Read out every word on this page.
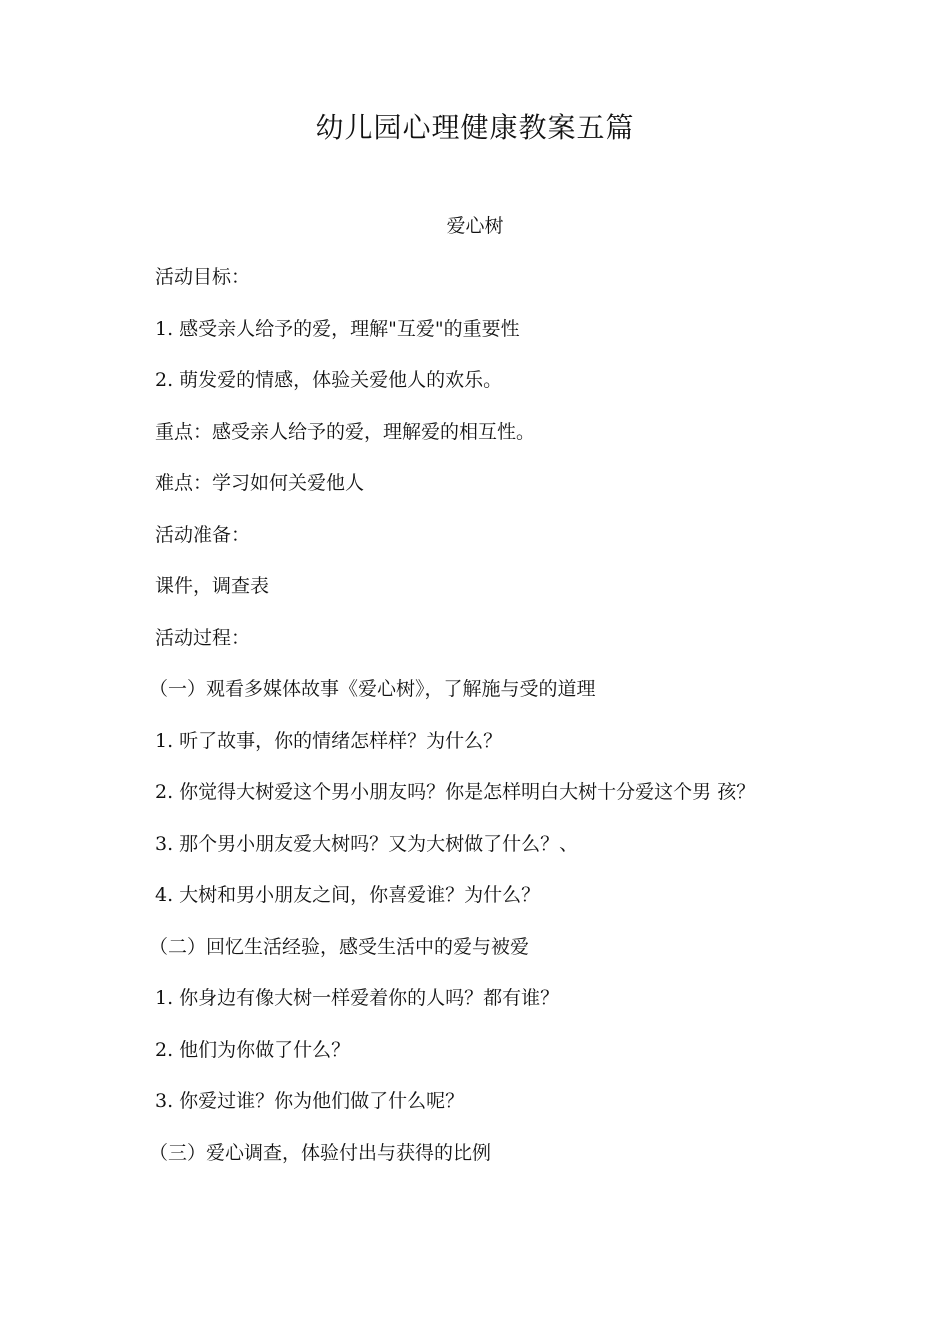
幼儿园心理健康教案五篇
爱心树
活动目标：
1. 感受亲人给予的爱，理解"互爱"的重要性
2. 萌发爱的情感，体验关爱他人的欢乐。
重点：感受亲人给予的爱，理解爱的相互性。
难点：学习如何关爱他人
活动准备：
课件，调查表
活动过程：
（一）观看多媒体故事《爱心树》，了解施与受的道理
1. 听了故事，你的情绪怎样样？为什么？
2. 你觉得大树爱这个男小朋友吗？你是怎样明白大树十分爱这个男 孩？
3. 那个男小朋友爱大树吗？又为大树做了什么？、
4. 大树和男小朋友之间，你喜爱谁？为什么？
（二）回忆生活经验，感受生活中的爱与被爱
1. 你身边有像大树一样爱着你的人吗？都有谁？
2. 他们为你做了什么？
3. 你爱过谁？你为他们做了什么呢？
（三）爱心调查，体验付出与获得的比例
